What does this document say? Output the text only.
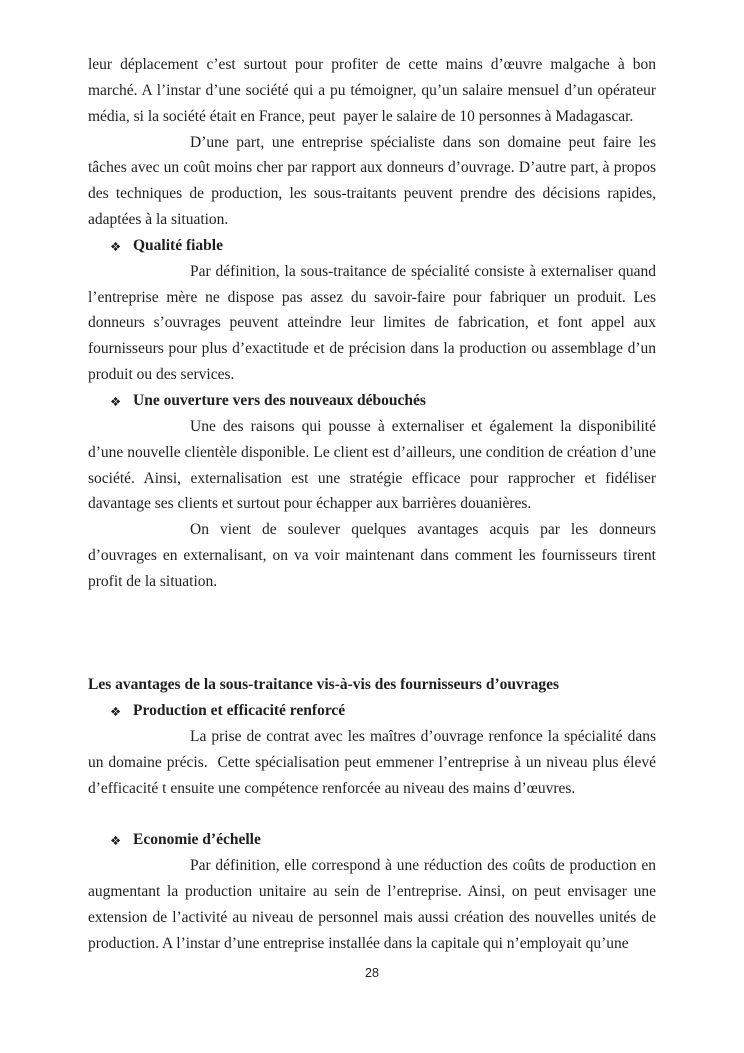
leur déplacement c’est surtout pour profiter de cette mains d’œuvre malgache à bon marché. A l’instar d’une société qui a pu témoigner, qu’un salaire mensuel d’un opérateur média, si la société était en France, peut  payer le salaire de 10 personnes à Madagascar.

D’une part, une entreprise spécialiste dans son domaine peut faire les tâches avec un coût moins cher par rapport aux donneurs d’ouvrage. D’autre part, à propos des techniques de production, les sous-traitants peuvent prendre des décisions rapides, adaptées à la situation.

❖ Qualité fiable

Par définition, la sous-traitance de spécialité consiste à externaliser quand l’entreprise mère ne dispose pas assez du savoir-faire pour fabriquer un produit. Les donneurs s’ouvrages peuvent atteindre leur limites de fabrication, et font appel aux fournisseurs pour plus d’exactitude et de précision dans la production ou assemblage d’un produit ou des services.

❖ Une ouverture vers des nouveaux débouchés

Une des raisons qui pousse à externaliser et également la disponibilité d’une nouvelle clientèle disponible. Le client est d’ailleurs, une condition de création d’une société. Ainsi, externalisation est une stratégie efficace pour rapprocher et fidéliser davantage ses clients et surtout pour échapper aux barrières douanières.

On vient de soulever quelques avantages acquis par les donneurs d’ouvrages en externalisant, on va voir maintenant dans comment les fournisseurs tirent profit de la situation.

Les avantages de la sous-traitance vis-à-vis des fournisseurs d’ouvrages

❖ Production et efficacité renforcé

La prise de contrat avec les maîtres d’ouvrage renfonce la spécialité dans un domaine précis.  Cette spécialisation peut emmener l’entreprise à un niveau plus élevé d’efficacité t ensuite une compétence renforcée au niveau des mains d’œuvres.

❖ Economie d’échelle

Par définition, elle correspond à une réduction des coûts de production en augmentant la production unitaire au sein de l’entreprise. Ainsi, on peut envisager une extension de l’activité au niveau de personnel mais aussi création des nouvelles unités de production. A l’instar d’une entreprise installée dans la capitale qui n’employait qu’une

28
